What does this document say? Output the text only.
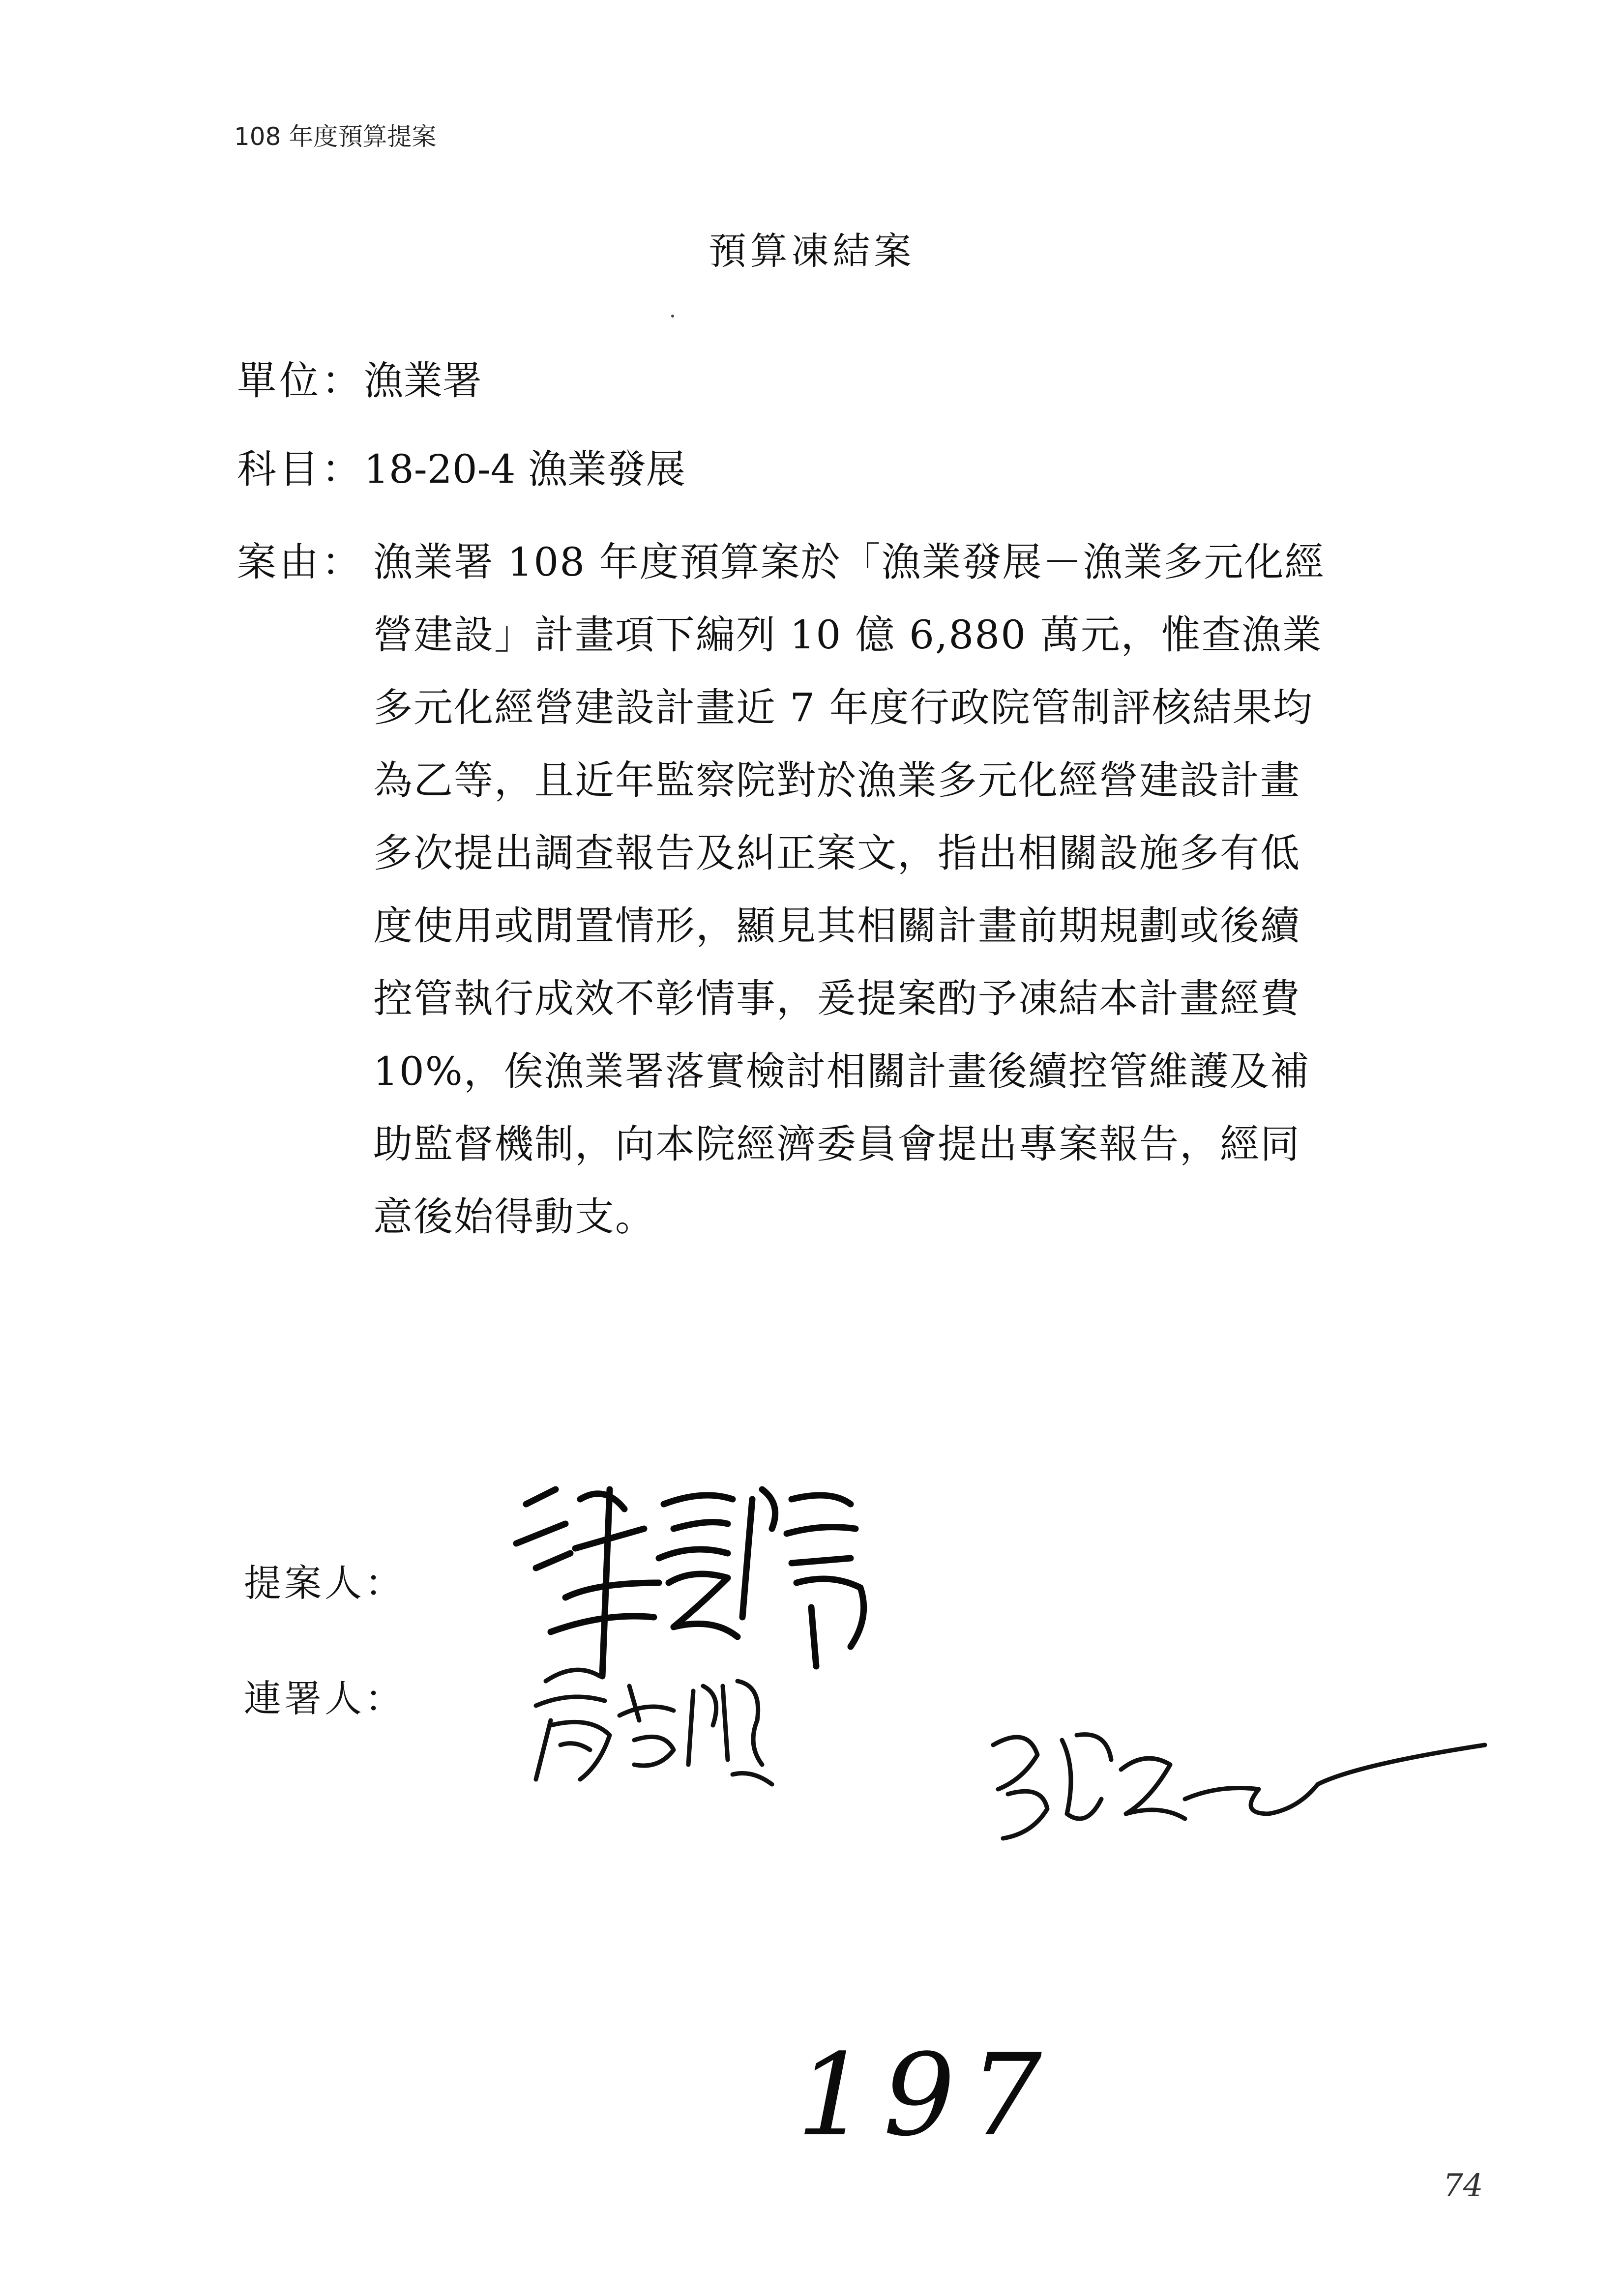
108 年度預算提案
預算凍結案
單位：漁業署
科目：18-20-4 漁業發展
案由： 漁業署 108 年度預算案於「漁業發展－漁業多元化經
營建設」計畫項下編列 10 億 6,880 萬元，惟查漁業
多元化經營建設計畫近 7 年度行政院管制評核結果均
為乙等，且近年監察院對於漁業多元化經營建設計畫
多次提出調查報告及糾正案文，指出相關設施多有低
度使用或閒置情形，顯見其相關計畫前期規劃或後續
控管執行成效不彰情事，爰提案酌予凍結本計畫經費
10%，俟漁業署落實檢討相關計畫後續控管維護及補
助監督機制，向本院經濟委員會提出專案報告，經同
意後始得動支。
提案人：
連署人：
197
74
